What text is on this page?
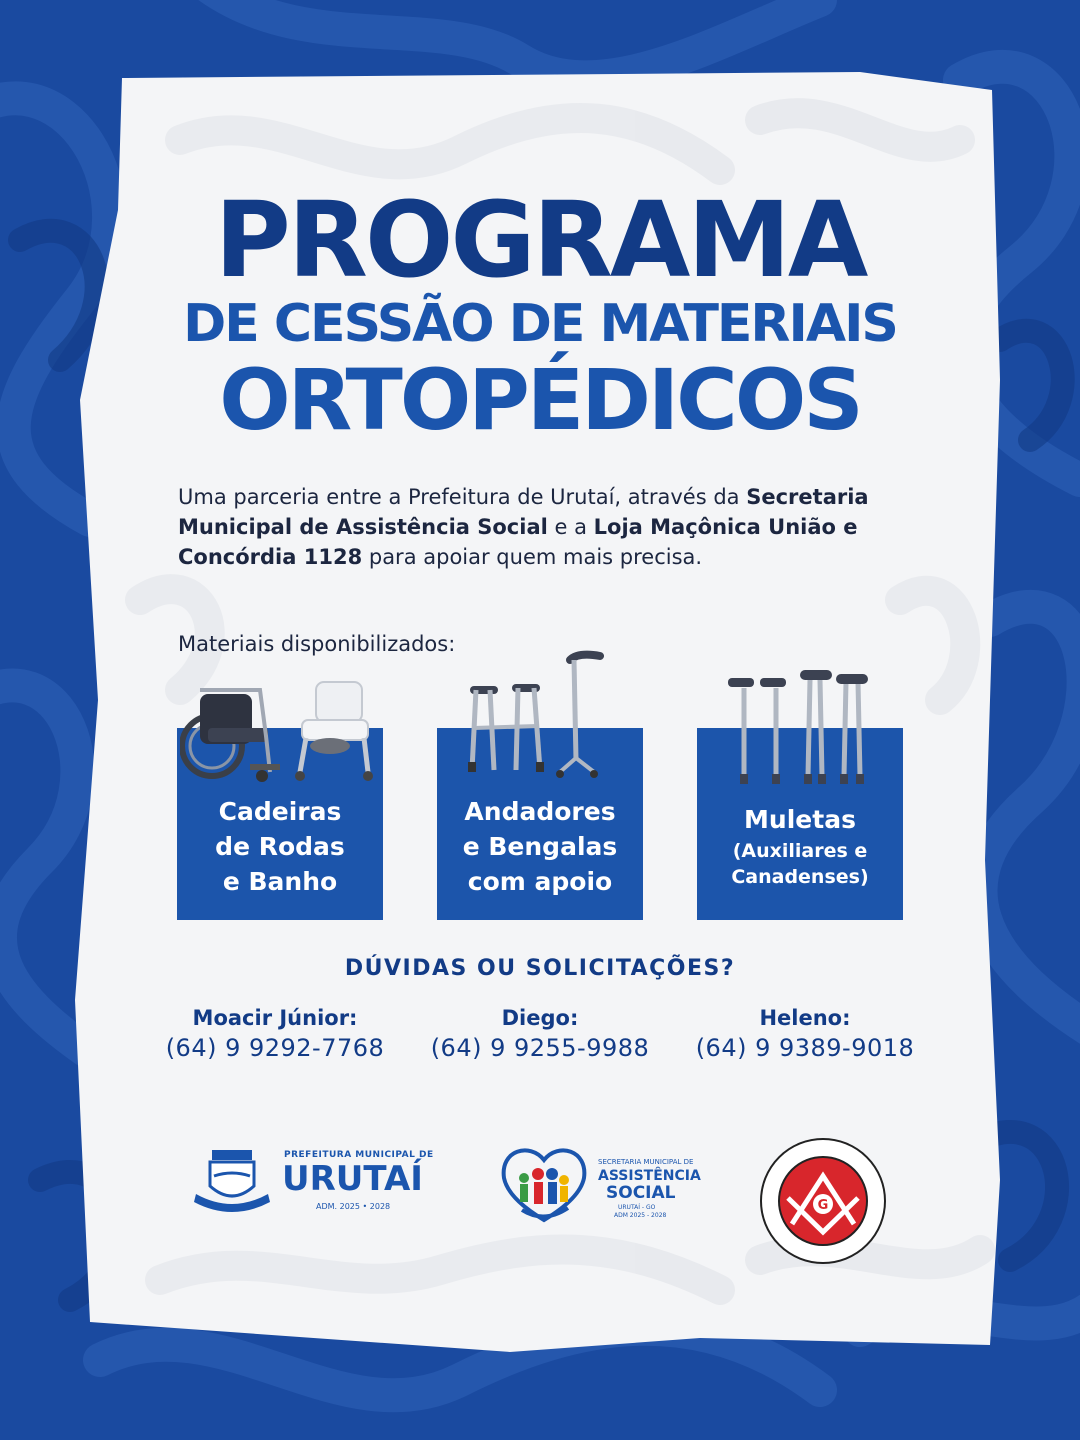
PROGRAMA
DE CESSÃO DE MATERIAIS
ORTOPÉDICOS
Uma parceria entre a Prefeitura de Urutaí, através da Secretaria Municipal de Assistência Social e a Loja Maçônica União e Concórdia 1128 para apoiar quem mais precisa.
Materiais disponibilizados:
Cadeiras
de Rodas
e Banho
Andadores
e Bengalas
com apoio
Muletas
(Auxiliares e
Canadenses)
DÚVIDAS OU SOLICITAÇÕES?
Moacir Júnior:
(64) 9 9292-7768
Diego:
(64) 9 9255-9988
Heleno:
(64) 9 9389-9018
PREFEITURA MUNICIPAL DE
URUTAÍ
ADM. 2025 • 2028
SECRETARIA MUNICIPAL DE
ASSISTÊNCIA
SOCIAL
URUTAÍ - GO
ADM 2025 - 2028
G
